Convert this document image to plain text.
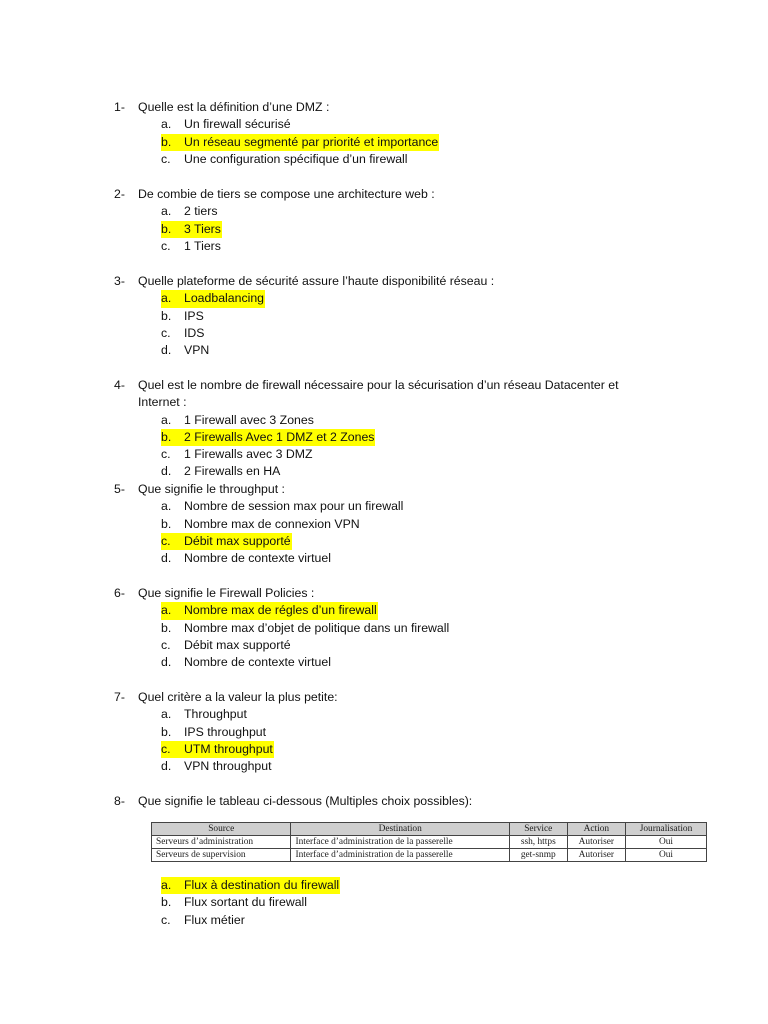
1- Quelle est la définition d’une DMZ :
a. Un firewall sécurisé
b.	Un réseau segmenté par priorité et importance
c. Une configuration spécifique d’un firewall
2- De combie de tiers se compose une architecture web :
a. 2 tiers
b.	3 Tiers
c. 1 Tiers
3- Quelle plateforme de sécurité assure l’haute disponibilité réseau :
a.	Loadbalancing
b. IPS
c. IDS
d. VPN
4- Quel est le nombre de firewall nécessaire pour la sécurisation d’un réseau Datacenter et
Internet :
a. 1 Firewall avec 3 Zones
b.	2 Firewalls Avec 1 DMZ et 2 Zones
c. 1 Firewalls avec 3 DMZ
d. 2 Firewalls en HA
5- Que signifie le throughput :
a. Nombre de session max pour un firewall
b. Nombre max de connexion VPN
c.	Débit max supporté
d. Nombre de contexte virtuel
6- Que signifie le Firewall Policies :
a.	Nombre max de régles d’un firewall
b. Nombre max d’objet de politique dans un firewall
c. Débit max supporté
d. Nombre de contexte virtuel
7- Quel critère a la valeur la plus petite:
a. Throughput
b. IPS throughput
c.	UTM throughput
d. VPN throughput
8- Que signifie le tableau ci-dessous (Multiples choix possibles):
Source	Destination	Service	Action	Journalisation
Serveurs d’administration	Interface d’administration de la passerelle	ssh, https	Autoriser	Oui
Serveurs de supervision	Interface d’administration de la passerelle	get-snmp	Autoriser	Oui
a.	Flux à destination du firewall
b. Flux sortant du firewall
c. Flux métier
